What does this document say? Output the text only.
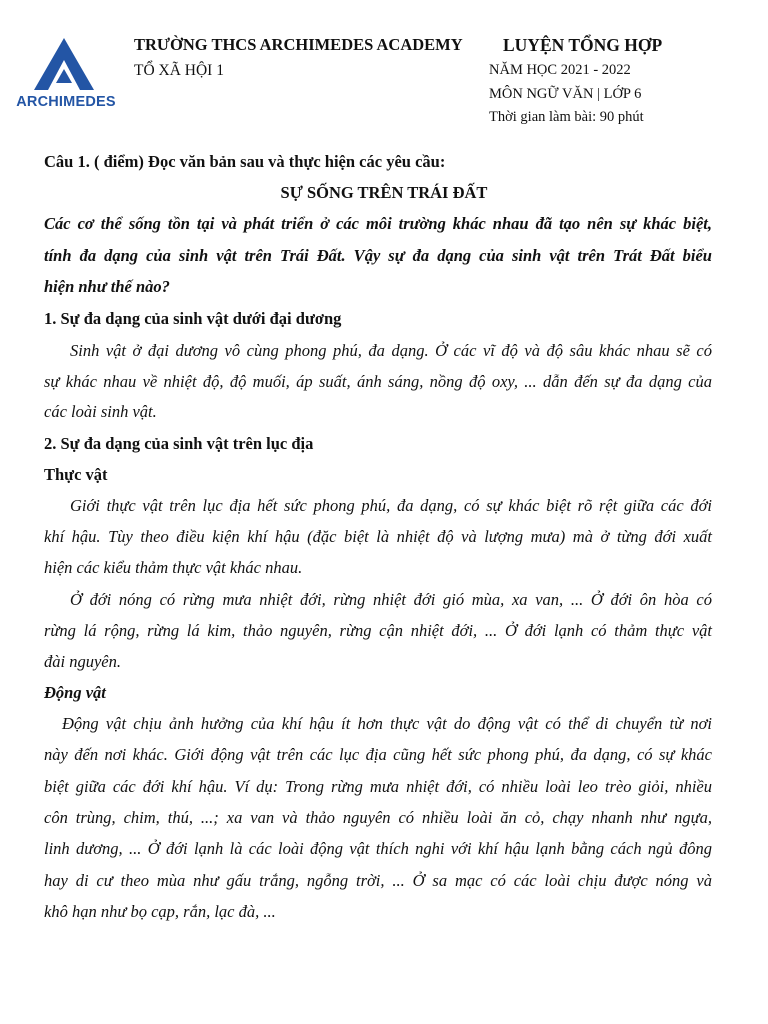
ARCHIMEDES
TRƯỜNG THCS ARCHIMEDES ACADEMY
TỔ XÃ HỘI 1
LUYỆN TỔNG HỢP
NĂM HỌC 2021 - 2022
MÔN NGỮ VĂN | LỚP 6
Thời gian làm bài: 90 phút
Câu 1. ( điểm) Đọc văn bản sau và thực hiện các yêu cầu:
SỰ SỐNG TRÊN TRÁI ĐẤT
Các cơ thể sống tồn tại và phát triển ở các môi trường khác nhau đã tạo nên sự khác biệt,
tính đa dạng của sinh vật trên Trái Đất. Vậy sự đa dạng của sinh vật trên Trát Đất biểu
hiện như thế nào?
1. Sự đa dạng của sinh vật dưới đại dương
Sinh vật ở đại dương vô cùng phong phú, đa dạng. Ở các vĩ độ và độ sâu khác nhau sẽ có
sự khác nhau về nhiệt độ, độ muối, áp suất, ánh sáng, nồng độ oxy, ... dẫn đến sự đa dạng của
các loài sinh vật.
2. Sự đa dạng của sinh vật trên lục địa
Thực vật
Giới thực vật trên lục địa hết sức phong phú, đa dạng, có sự khác biệt rõ rệt giữa các đới
khí hậu. Tùy theo điều kiện khí hậu (đặc biệt là nhiệt độ và lượng mưa) mà ở từng đới xuất
hiện các kiểu thảm thực vật khác nhau.
Ở đới nóng có rừng mưa nhiệt đới, rừng nhiệt đới gió mùa, xa van, ... Ở đới ôn hòa có
rừng lá rộng, rừng lá kim, thảo nguyên, rừng cận nhiệt đới, ... Ở đới lạnh có thảm thực vật
đài nguyên.
Động vật
Động vật chịu ảnh hưởng của khí hậu ít hơn thực vật do động vật có thể di chuyển từ nơi
này đến nơi khác. Giới động vật trên các lục địa cũng hết sức phong phú, đa dạng, có sự khác
biệt giữa các đới khí hậu. Ví dụ: Trong rừng mưa nhiệt đới, có nhiều loài leo trèo giỏi, nhiều
côn trùng, chim, thú, ...; xa van và thảo nguyên có nhiều loài ăn cỏ, chạy nhanh như ngựa,
linh dương, ... Ở đới lạnh là các loài động vật thích nghi với khí hậu lạnh bằng cách ngủ đông
hay di cư theo mùa như gấu trắng, ngỗng trời, ... Ở sa mạc có các loài chịu được nóng và
khô hạn như bọ cạp, rắn, lạc đà, ...
